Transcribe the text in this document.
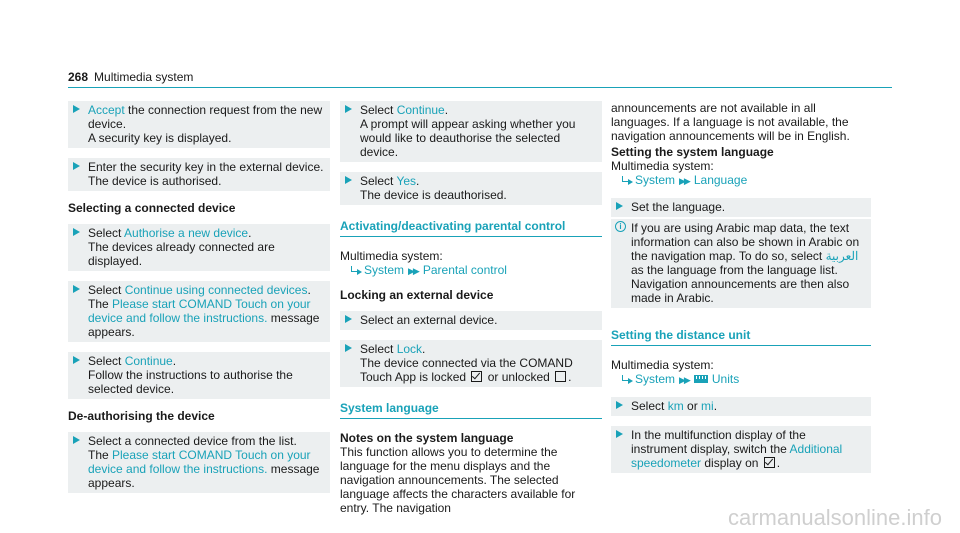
268 Multimedia system

Accept the connection request from the new device.

A security key is displayed.

Enter the security key in the external device.

The device is authorised.

Selecting a connected device

Select Authorise a new device.

The devices already connected are displayed.

Select Continue using connected devices.

The Please start COMAND Touch on your device and follow the instructions. message appears.

Select Continue.

Follow the instructions to authorise the selected device.

De-authorising the device

Select a connected device from the list.

The Please start COMAND Touch on your device and follow the instructions. message appears.

Select Continue.

A prompt will appear asking whether you would like to deauthorise the selected device.

Select Yes.

The device is deauthorised.

Activating/deactivating parental control

Multimedia system:

System ▶▶ Parental control

Locking an external device

Select an external device.

Select Lock.

The device connected via the COMAND Touch App is locked  or unlocked .

System language

Notes on the system language

This function allows you to determine the language for the menu displays and the navigation announcements. The selected language affects the characters available for entry. The navigation

announcements are not available in all languages. If a language is not available, the navigation announcements will be in English.

Setting the system language

Multimedia system:

System ▶▶ Language

Set the language.

i If you are using Arabic map data, the text information can also be shown in Arabic on the navigation map. To do so, select العربية as the language from the language list. Navigation announcements are then also made in Arabic.

Setting the distance unit

Multimedia system:

System ▶▶ Units

Select km or mi.

In the multifunction display of the instrument display, switch the Additional speedometer display on .

carmanualsonline.info
